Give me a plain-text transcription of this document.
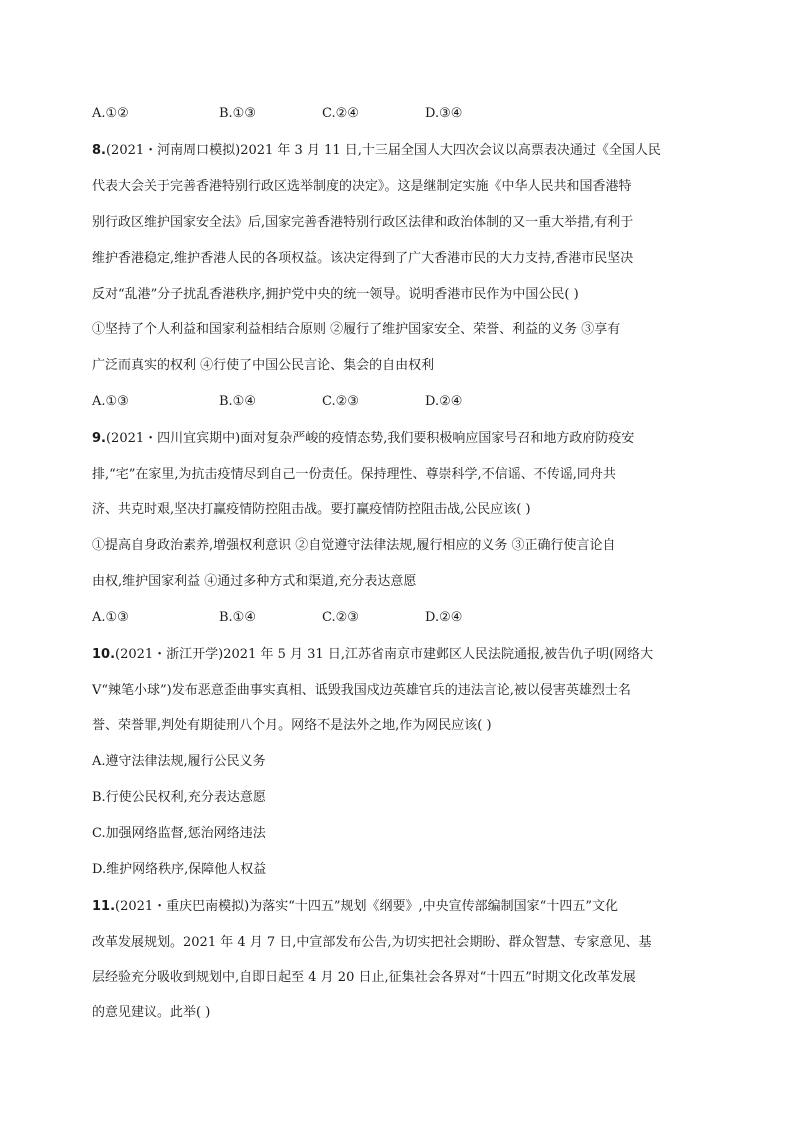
A.①②	B.①③	C.②④	D.③④
8.(2021・河南周口模拟)2021 年 3 月 11 日,十三届全国人大四次会议以高票表决通过《全国人民
代表大会关于完善香港特别行政区选举制度的决定》。这是继制定实施《中华人民共和国香港特
别行政区维护国家安全法》后,国家完善香港特别行政区法律和政治体制的又一重大举措,有利于
维护香港稳定,维护香港人民的各项权益。该决定得到了广大香港市民的大力支持,香港市民坚决
反对“乱港”分子扰乱香港秩序,拥护党中央的统一领导。说明香港市民作为中国公民( )
①坚持了个人利益和国家利益相结合原则 ②履行了维护国家安全、荣誉、利益的义务 ③享有
广泛而真实的权利 ④行使了中国公民言论、集会的自由权利
A.①③	B.①④	C.②③	D.②④
9.(2021・四川宜宾期中)面对复杂严峻的疫情态势,我们要积极响应国家号召和地方政府防疫安
排,“宅”在家里,为抗击疫情尽到自己一份责任。保持理性、尊崇科学,不信谣、不传谣,同舟共
济、共克时艰,坚决打赢疫情防控阻击战。要打赢疫情防控阻击战,公民应该( )
①提高自身政治素养,增强权利意识 ②自觉遵守法律法规,履行相应的义务 ③正确行使言论自
由权,维护国家利益 ④通过多种方式和渠道,充分表达意愿
A.①③	B.①④	C.②③	D.②④
10.(2021・浙江开学)2021 年 5 月 31 日,江苏省南京市建邺区人民法院通报,被告仇子明(网络大
V“辣笔小球”)发布恶意歪曲事实真相、诋毁我国戍边英雄官兵的违法言论,被以侵害英雄烈士名
誉、荣誉罪,判处有期徒刑八个月。网络不是法外之地,作为网民应该( )
A.遵守法律法规,履行公民义务
B.行使公民权利,充分表达意愿
C.加强网络监督,惩治网络违法
D.维护网络秩序,保障他人权益
11.(2021・重庆巴南模拟)为落实“十四五”规划《纲要》,中央宣传部编制国家“十四五”文化
改革发展规划。2021 年 4 月 7 日,中宣部发布公告,为切实把社会期盼、群众智慧、专家意见、基
层经验充分吸收到规划中,自即日起至 4 月 20 日止,征集社会各界对“十四五”时期文化改革发展
的意见建议。此举( )
